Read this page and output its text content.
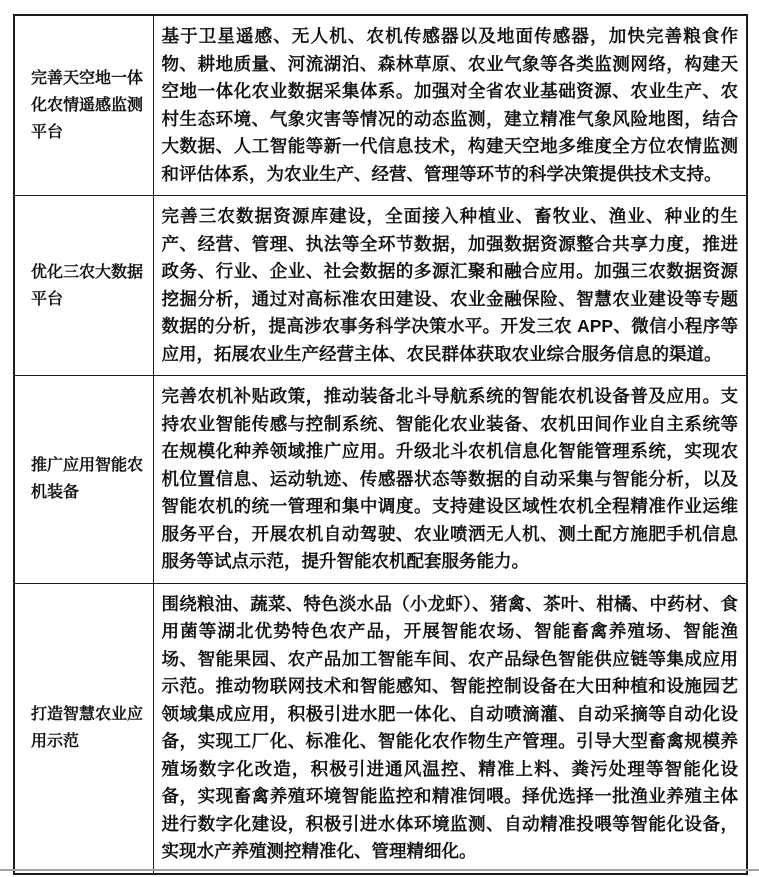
完善天空地一体化农情遥感监测平台	基于卫星遥感、无人机、农机传感器以及地面传感器，加快完善粮食作物、耕地质量、河流湖泊、森林草原、农业气象等各类监测网络，构建天空地一体化农业数据采集体系。加强对全省农业基础资源、农业生产、农村生态环境、气象灾害等情况的动态监测，建立精准气象风险地图，结合大数据、人工智能等新一代信息技术，构建天空地多维度全方位农情监测和评估体系，为农业生产、经营、管理等环节的科学决策提供技术支持。
优化三农大数据平台	完善三农数据资源库建设，全面接入种植业、畜牧业、渔业、种业的生产、经营、管理、执法等全环节数据，加强数据资源整合共享力度，推进政务、行业、企业、社会数据的多源汇聚和融合应用。加强三农数据资源挖掘分析，通过对高标准农田建设、农业金融保险、智慧农业建设等专题数据的分析，提高涉农事务科学决策水平。开发三农 APP、微信小程序等应用，拓展农业生产经营主体、农民群体获取农业综合服务信息的渠道。
推广应用智能农机装备	完善农机补贴政策，推动装备北斗导航系统的智能农机设备普及应用。支持农业智能传感与控制系统、智能化农业装备、农机田间作业自主系统等在规模化种养领域推广应用。升级北斗农机信息化智能管理系统，实现农机位置信息、运动轨迹、传感器状态等数据的自动采集与智能分析，以及智能农机的统一管理和集中调度。支持建设区域性农机全程精准作业运维服务平台，开展农机自动驾驶、农业喷洒无人机、测土配方施肥手机信息服务等试点示范，提升智能农机配套服务能力。
打造智慧农业应用示范	围绕粮油、蔬菜、特色淡水品（小龙虾）、猪禽、茶叶、柑橘、中药材、食用菌等湖北优势特色农产品，开展智能农场、智能畜禽养殖场、智能渔场、智能果园、农产品加工智能车间、农产品绿色智能供应链等集成应用示范。推动物联网技术和智能感知、智能控制设备在大田种植和设施园艺领域集成应用，积极引进水肥一体化、自动喷滴灌、自动采摘等自动化设备，实现工厂化、标准化、智能化农作物生产管理。引导大型畜禽规模养殖场数字化改造，积极引进通风温控、精准上料、粪污处理等智能化设备，实现畜禽养殖环境智能监控和精准饲喂。择优选择一批渔业养殖主体进行数字化建设，积极引进水体环境监测、自动精准投喂等智能化设备，实现水产养殖测控精准化、管理精细化。
